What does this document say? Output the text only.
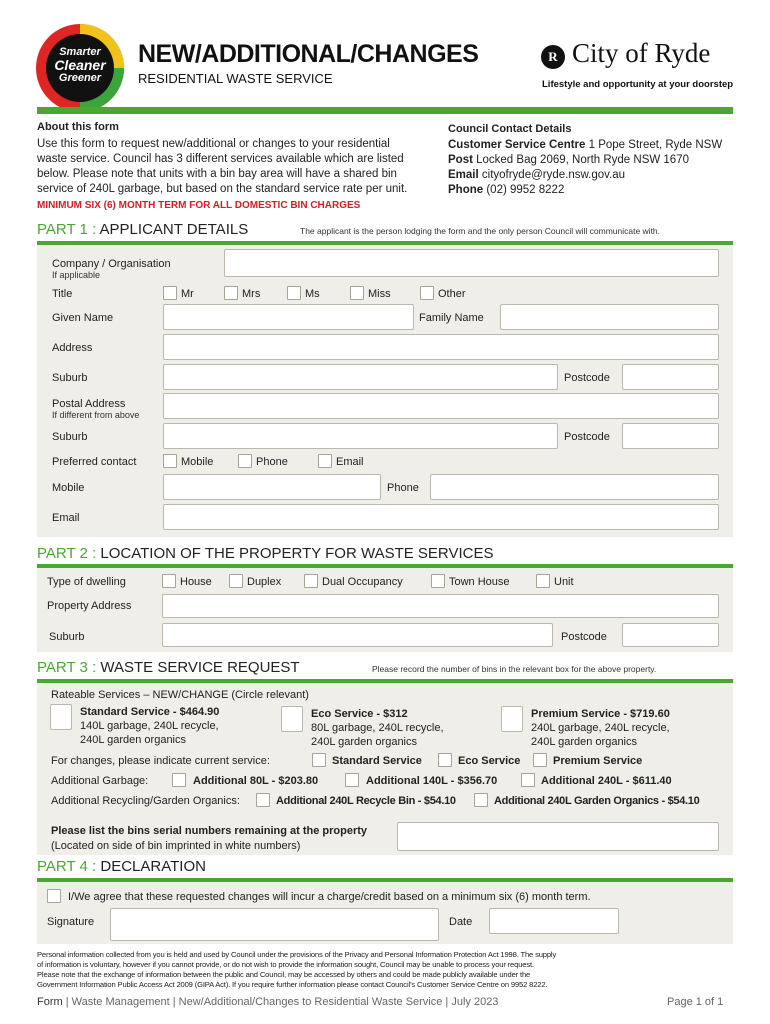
Smarter
Cleaner
Greener
NEW/ADDITIONAL/CHANGES
RESIDENTIAL WASTE SERVICE
R City of Ryde
Lifestyle and opportunity at your doorstep
About this form
Use this form to request new/additional or changes to your residential
waste service. Council has 3 different services available which are listed
below. Please note that units with a bin bay area will have a shared bin
service of 240L garbage, but based on the standard service rate per unit.
MINIMUM SIX (6) MONTH TERM FOR ALL DOMESTIC BIN CHARGES
Council Contact Details
Customer Service Centre 1 Pope Street, Ryde NSW
Post Locked Bag 2069, North Ryde NSW 1670
Email cityofryde@ryde.nsw.gov.au
Phone (02) 9952 8222
PART 1 : APPLICANT DETAILS	The applicant is the person lodging the form and the only person Council will communicate with.
Company / Organisation
If applicable
Title	Mr	Mrs	Ms	Miss	Other
Given Name	Family Name
Address
Suburb	Postcode
Postal Address
If different from above
Suburb	Postcode
Preferred contact	Mobile	Phone	Email
Mobile	Phone
Email
PART 2 : LOCATION OF THE PROPERTY FOR WASTE SERVICES
Type of dwelling	House	Duplex	Dual Occupancy	Town House	Unit
Property Address
Suburb	Postcode
PART 3 : WASTE SERVICE REQUEST	Please record the number of bins in the relevant box for the above property.
Rateable Services – NEW/CHANGE (Circle relevant)
Standard Service - $464.90
140L garbage, 240L recycle,
240L garden organics
Eco Service - $312
80L garbage, 240L recycle,
240L garden organics
Premium Service - $719.60
240L garbage, 240L recycle,
240L garden organics
For changes, please indicate current service:	Standard Service	Eco Service	Premium Service
Additional Garbage:	Additional 80L - $203.80	Additional 140L - $356.70	Additional 240L - $611.40
Additional Recycling/Garden Organics:	Additional 240L Recycle Bin - $54.10	Additional 240L Garden Organics - $54.10
Please list the bins serial numbers remaining at the property
(Located on side of bin imprinted in white numbers)
PART 4 : DECLARATION
I/We agree that these requested changes will incur a charge/credit based on a minimum six (6) month term.
Signature	Date
Personal information collected from you is held and used by Council under the provisions of the Privacy and Personal Information Protection Act 1998. The supply
of information is voluntary, however if you cannot provide, or do not wish to provide the information sought, Council may be unable to process your request.
Please note that the exchange of information between the public and Council, may be accessed by others and could be made publicly available under the
Government Information Public Access Act 2009 (GIPA Act). If you require further information please contact Council’s Customer Service Centre on 9952 8222.
Form | Waste Management | New/Additional/Changes to Residential Waste Service | July 2023	Page 1 of 1
